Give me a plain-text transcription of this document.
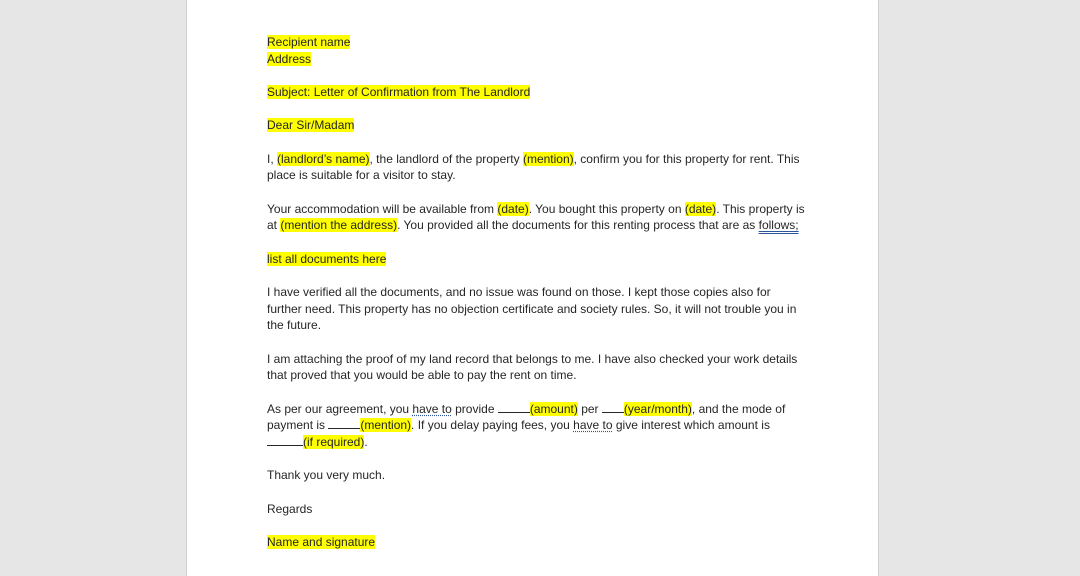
Recipient name
Address
Subject: Letter of Confirmation from The Landlord
Dear Sir/Madam
I, (landlord’s name), the landlord of the property (mention), confirm you for this property for rent. This place is suitable for a visitor to stay.
Your accommodation will be available from (date). You bought this property on (date). This property is at (mention the address). You provided all the documents for this renting process that are as follows;
list all documents here
I have verified all the documents, and no issue was found on those. I kept those copies also for further need. This property has no objection certificate and society rules. So, it will not trouble you in the future.
I am attaching the proof of my land record that belongs to me. I have also checked your work details that proved that you would be able to pay the rent on time.
As per our agreement, you have to provide	(amount) per (year/month), and the mode of payment is	(mention). If you delay paying fees, you have to give interest which amount is (if required).
Thank you very much.
Regards
Name and signature
